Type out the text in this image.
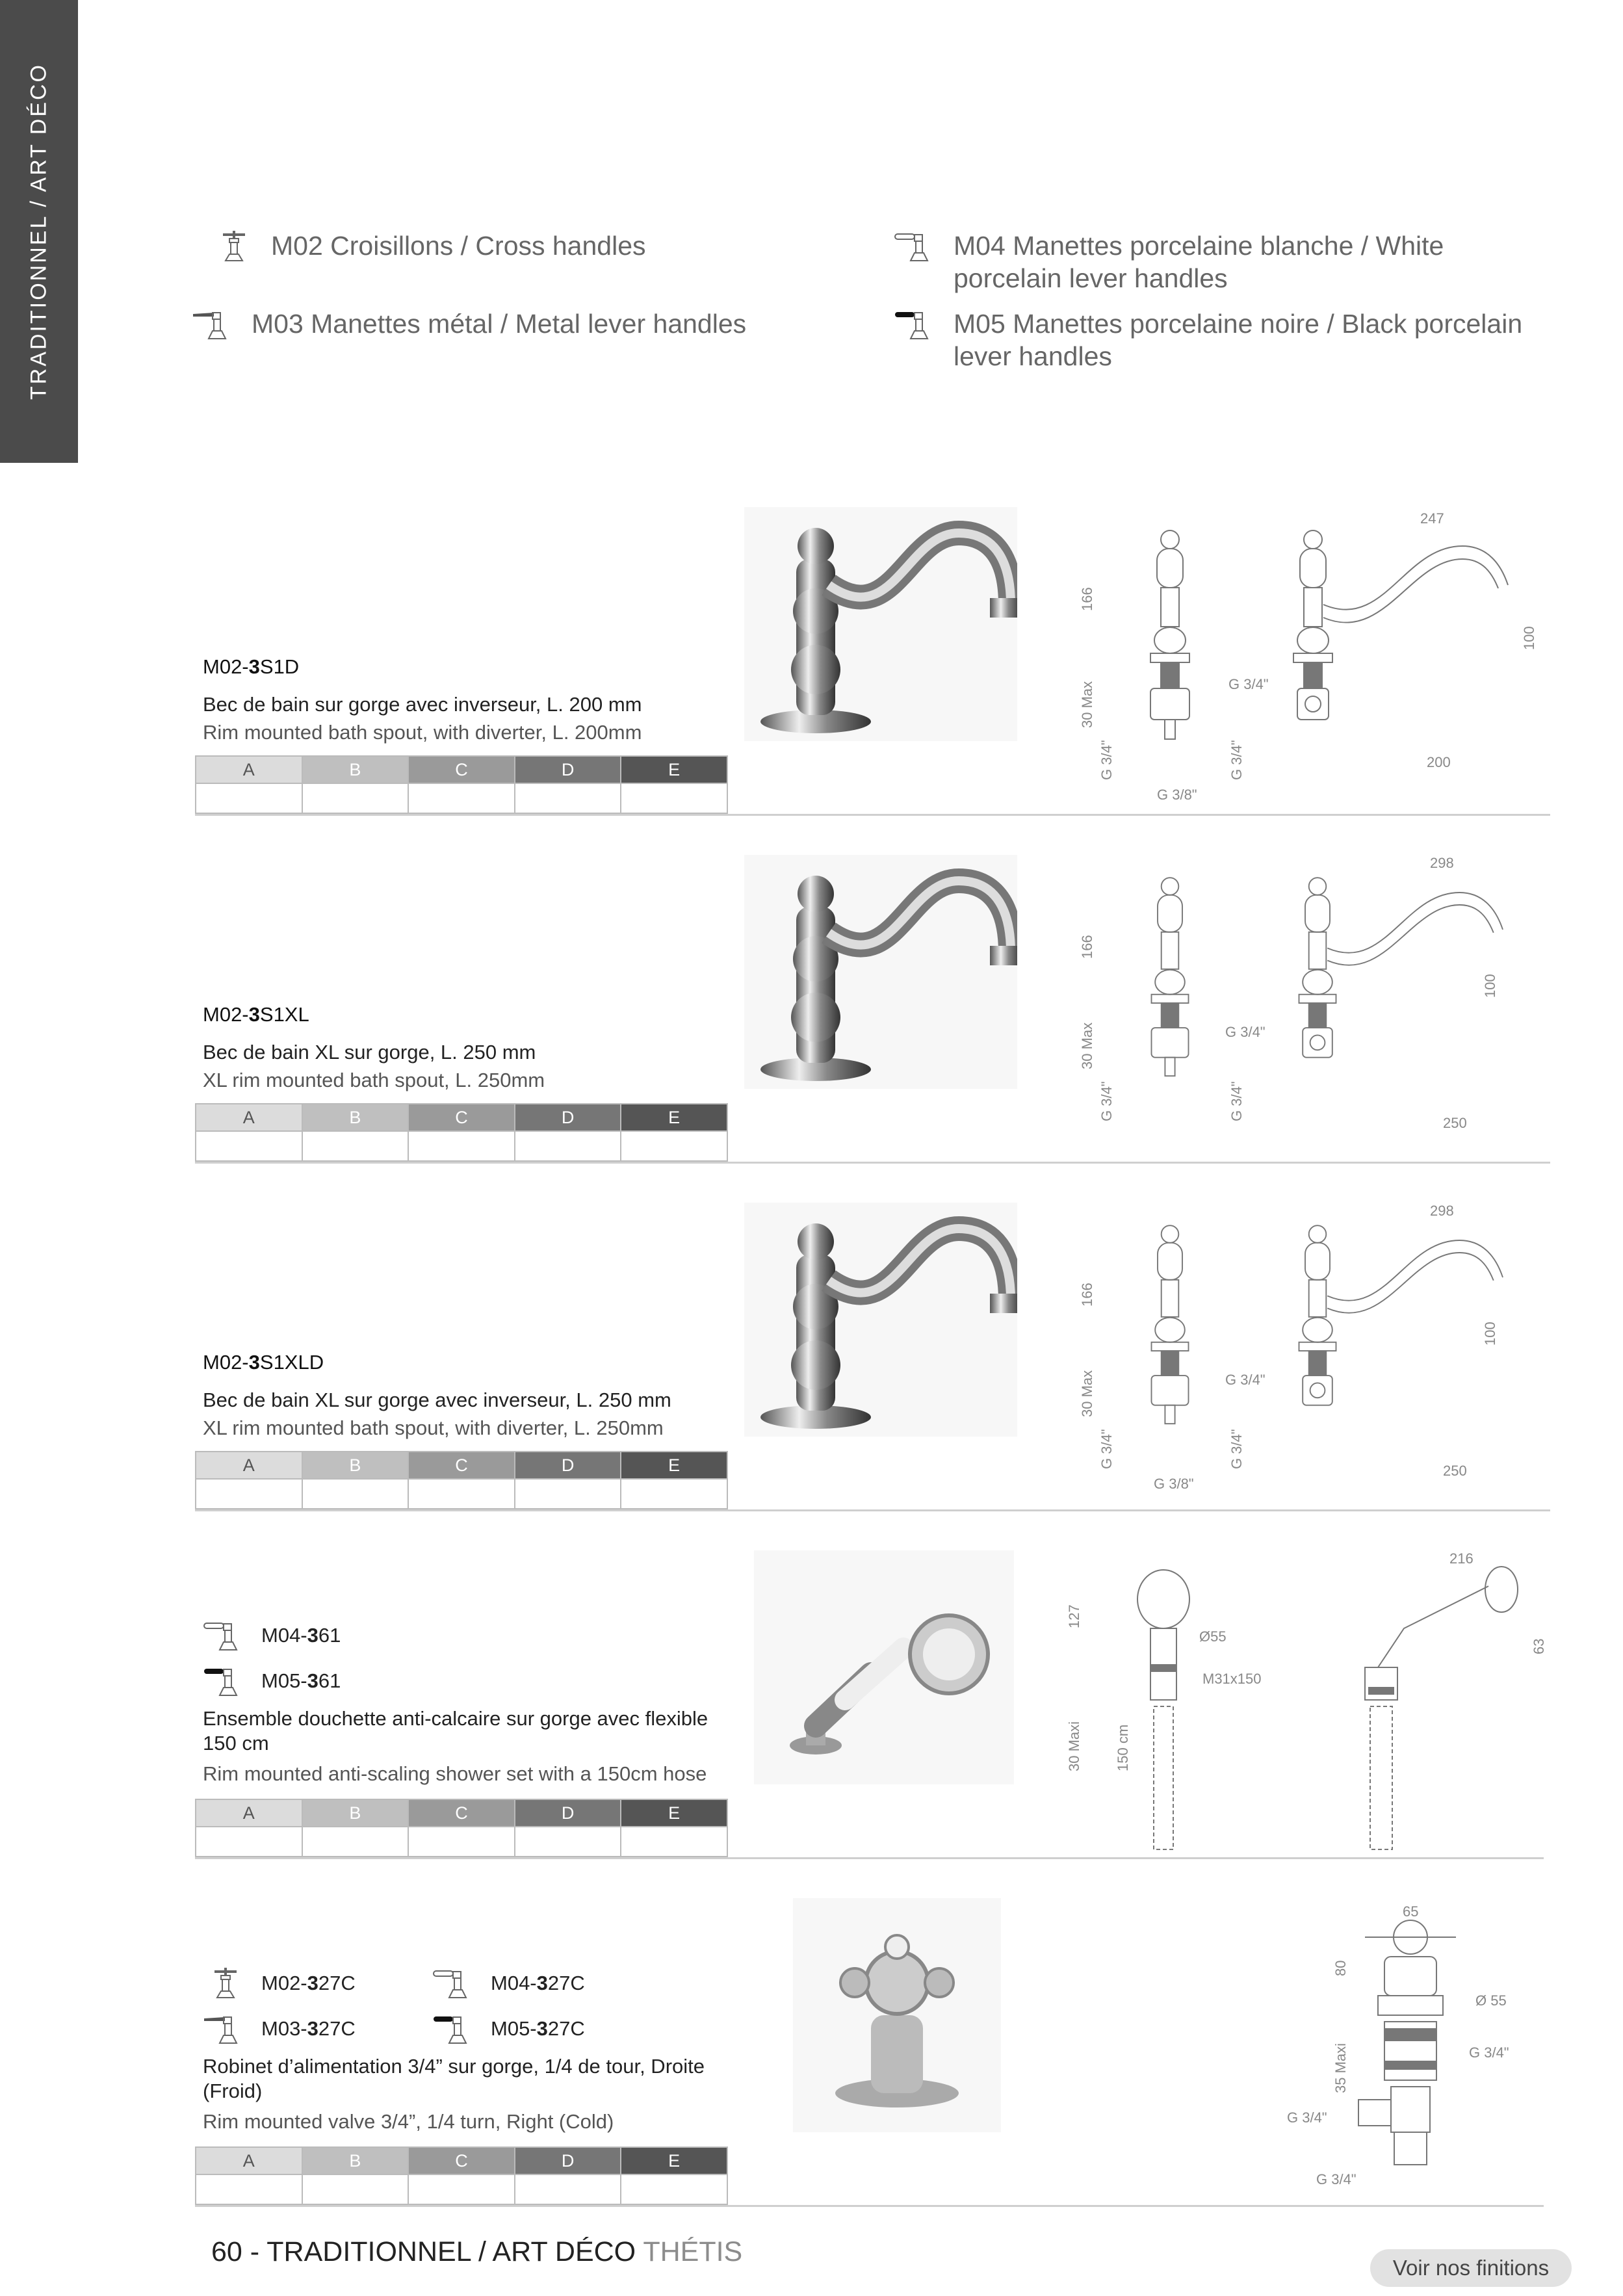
TRADITIONNEL / ART DÉCO	M02 Croisillons / Cross handles
M03 Manettes métal / Metal lever handles
M04 Manettes porcelaine blanche / White porcelain lever handles
M05 Manettes porcelaine noire / Black porcelain lever handles
M02-3S1D
Bec de bain sur gorge avec inverseur, L. 200 mm
Rim mounted bath spout, with diverter, L. 200mm
A	B	C	D	E

166
30 Max	G 3/4"
G 3/4"	G 3/4"
G 3/8"
247
200
100
M02-3S1XL
Bec de bain XL sur gorge, L. 250 mm
XL rim mounted bath spout, L. 250mm
A	B	C	D	E

166
30 Max	G 3/4"
G 3/4"	G 3/4"
298
250
100
M02-3S1XLD
Bec de bain XL sur gorge avec inverseur, L. 250 mm
XL rim mounted bath spout, with diverter, L. 250mm
A	B	C	D	E

166
30 Max	G 3/4"
G 3/4"	G 3/4"
G 3/8"
298
250
100
M04-361
M05-361
Ensemble douchette anti-calcaire sur gorge avec flexible 150 cm
Rim mounted anti-scaling shower set with a 150cm hose
A	B	C	D	E

127
30 Maxi 150 cm
Ø55
M31x150
216
63
M02-327C	M04-327C
M03-327C	M05-327C
Robinet d’alimentation 3/4” sur gorge, 1/4 de tour, Droite (Froid)
Rim mounted valve 3/4”, 1/4 turn, Right (Cold)
A	B	C	D	E

65
80
35 Maxi
Ø 55
G 3/4"
G 3/4"
G 3/4"
60 - TRADITIONNEL / ART DÉCO THÉTIS
Voir nos finitions
